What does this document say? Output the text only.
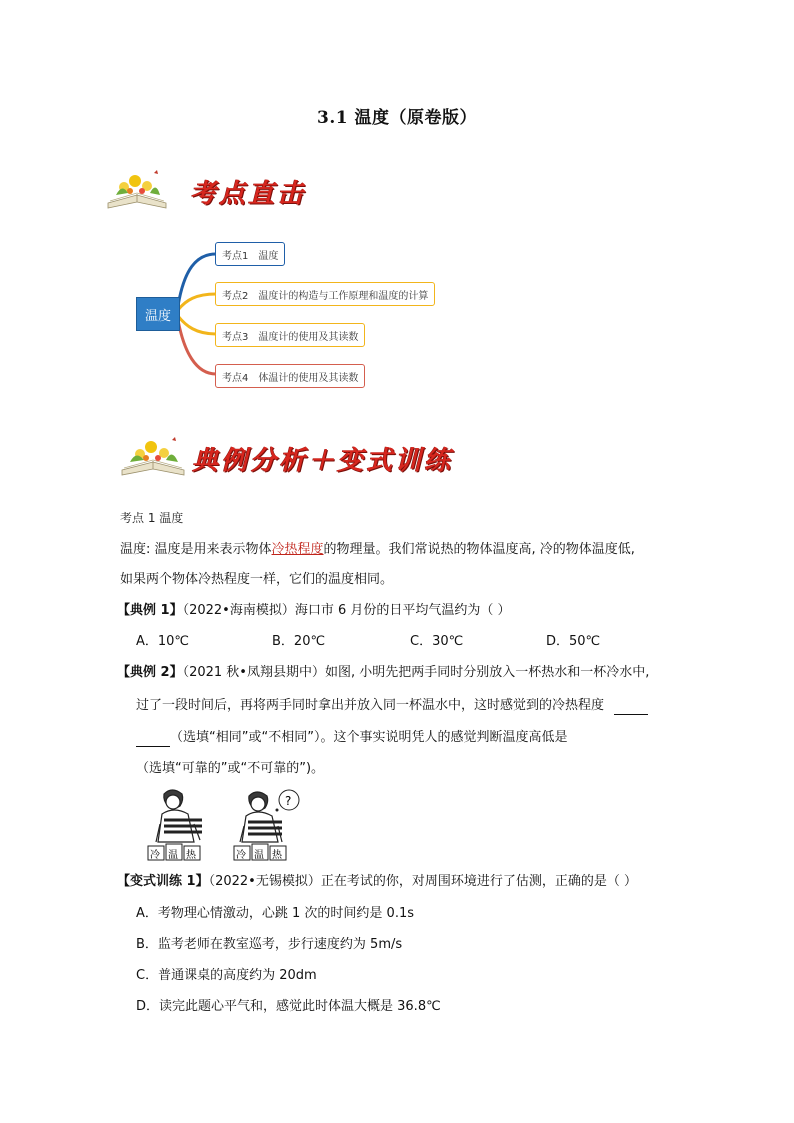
3.1 温度（原卷版）
考点直击
温度
考点1 温度
考点2 温度计的构造与工作原理和温度的计算
考点3 温度计的使用及其读数
考点4 体温计的使用及其读数
典例分析＋变式训练
考点 1 温度
温度: 温度是用来表示物体冷热程度的物理量。我们常说热的物体温度高, 冷的物体温度低,
如果两个物体冷热程度一样，它们的温度相同。
【典例 1】（2022•海南模拟）海口市 6 月份的日平均气温约为（ ）
A．10℃	B．20℃	C．30℃	D．50℃
【典例 2】（2021 秋•凤翔县期中）如图, 小明先把两手同时分别放入一杯热水和一杯冷水中,
过了一段时间后，再将两手同时拿出并放入同一杯温水中，这时感觉到的冷热程度
（选填“相同”或“不相同”）。这个事实说明凭人的感觉判断温度高低是
（选填“可靠的”或“不可靠的”)。
冷 温 热
?
冷 温 热
【变式训练 1】（2022•无锡模拟）正在考试的你，对周围环境进行了估测，正确的是（ ）
A．考物理心情激动，心跳 1 次的时间约是 0.1s
B．监考老师在教室巡考，步行速度约为 5m/s
C．普通课桌的高度约为 20dm
D．读完此题心平气和，感觉此时体温大概是 36.8℃
